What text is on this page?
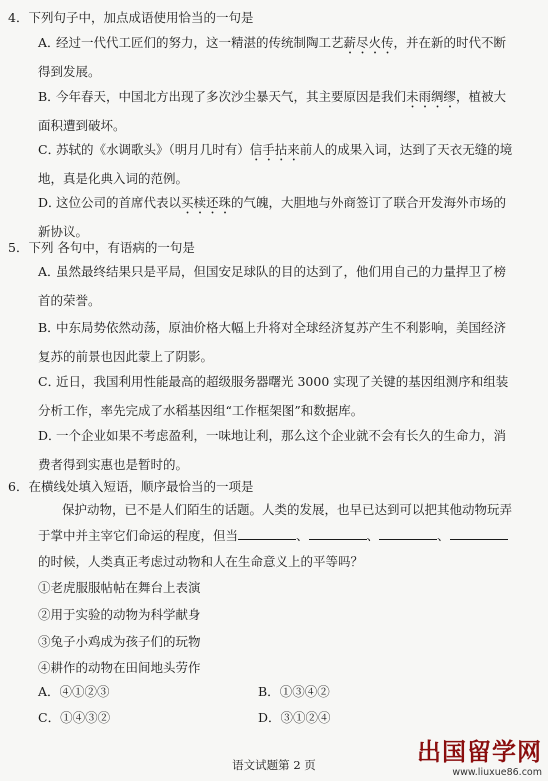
4．下列句子中，加点成语使用恰当的一句是
A．经过一代代工匠们的努力，这一精湛的传统制陶工艺薪尽火传，并在新的时代不断得到发展。
B．今年春天，中国北方出现了多次沙尘暴天气，其主要原因是我们未雨绸缪，植被大面积遭到破坏。
C．苏轼的《水调歌头》（明月几时有）信手拈来前人的成果入词，达到了天衣无缝的境地，真是化典入词的范例。
D．这位公司的首席代表以买椟还珠的气魄，大胆地与外商签订了联合开发海外市场的新协议。
5．下列 各句中，有语病的一句是
A．虽然最终结果只是平局，但国安足球队的目的达到了，他们用自己的力量捍卫了榜首的荣誉。
B．中东局势依然动荡，原油价格大幅上升将对全球经济复苏产生不利影响，美国经济复苏的前景也因此蒙上了阴影。
C．近日，我国利用性能最高的超级服务器曙光 3000 实现了关键的基因组测序和组装分析工作，率先完成了水稻基因组“工作框架图”和数据库。
D．一个企业如果不考虑盈利，一味地让利，那么这个企业就不会有长久的生命力，消费者得到实惠也是暂时的。
6．在横线处填入短语，顺序最恰当的一项是
保护动物，已不是人们陌生的话题。人类的发展，也早已达到可以把其他动物玩弄于掌中并主宰它们命运的程度，但当	、	、	、的时候，人类真正考虑过动物和人在生命意义上的平等吗？
①老虎服服帖帖在舞台上表演
②用于实验的动物为科学献身
③兔子小鸡成为孩子们的玩物
④耕作的动物在田间地头劳作
A．④①②③	B．①③④②
C．①④③②	D．③①②④
出国留学网
www.liuxue86.com
语文试题第 2 页
